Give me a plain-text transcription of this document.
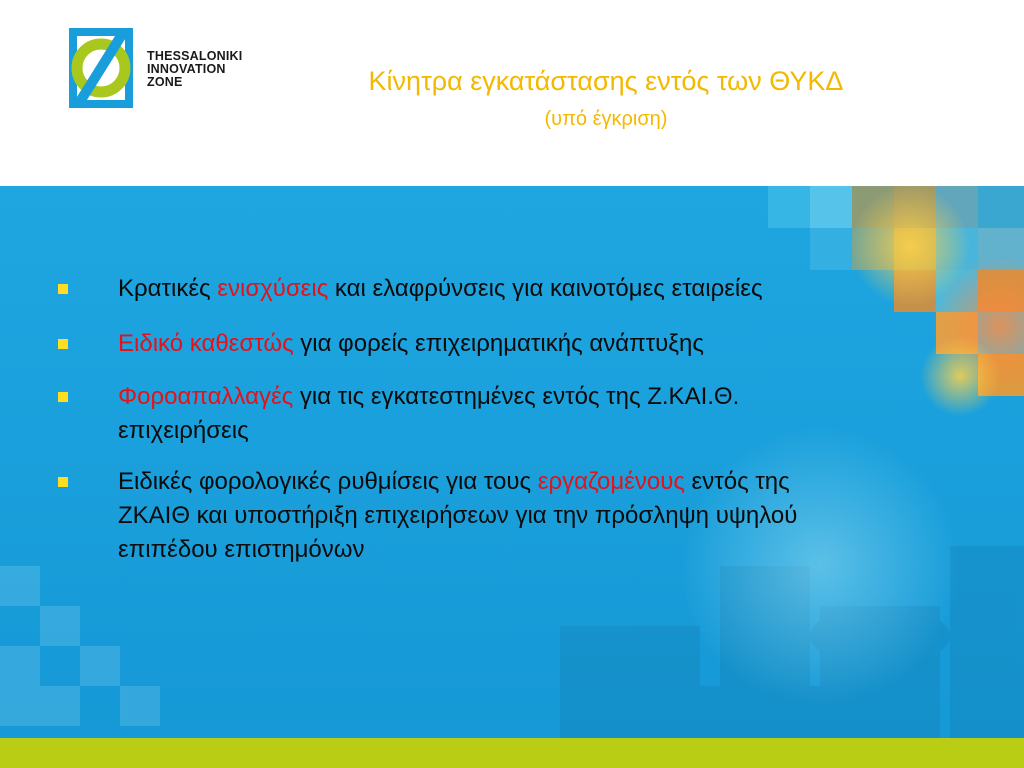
THESSALONIKI
INNOVATION
ZONE	Κίνητρα εγκατάστασης εντός των ΘΥΚΔ
(υπό έγκριση)
Κρατικές ενισχύσεις και ελαφρύνσεις για καινοτόμες εταιρείες
Ειδικό καθεστώς για φορείς επιχειρηματικής ανάπτυξης
Φοροαπαλλαγές για τις εγκατεστημένες εντός της Ζ.ΚΑΙ.Θ.
επιχειρήσεις
Ειδικές φορολογικές ρυθμίσεις για τους εργαζομένους εντός της
ΖΚΑΙΘ και υποστήριξη επιχειρήσεων για την πρόσληψη υψηλού
επιπέδου επιστημόνων
